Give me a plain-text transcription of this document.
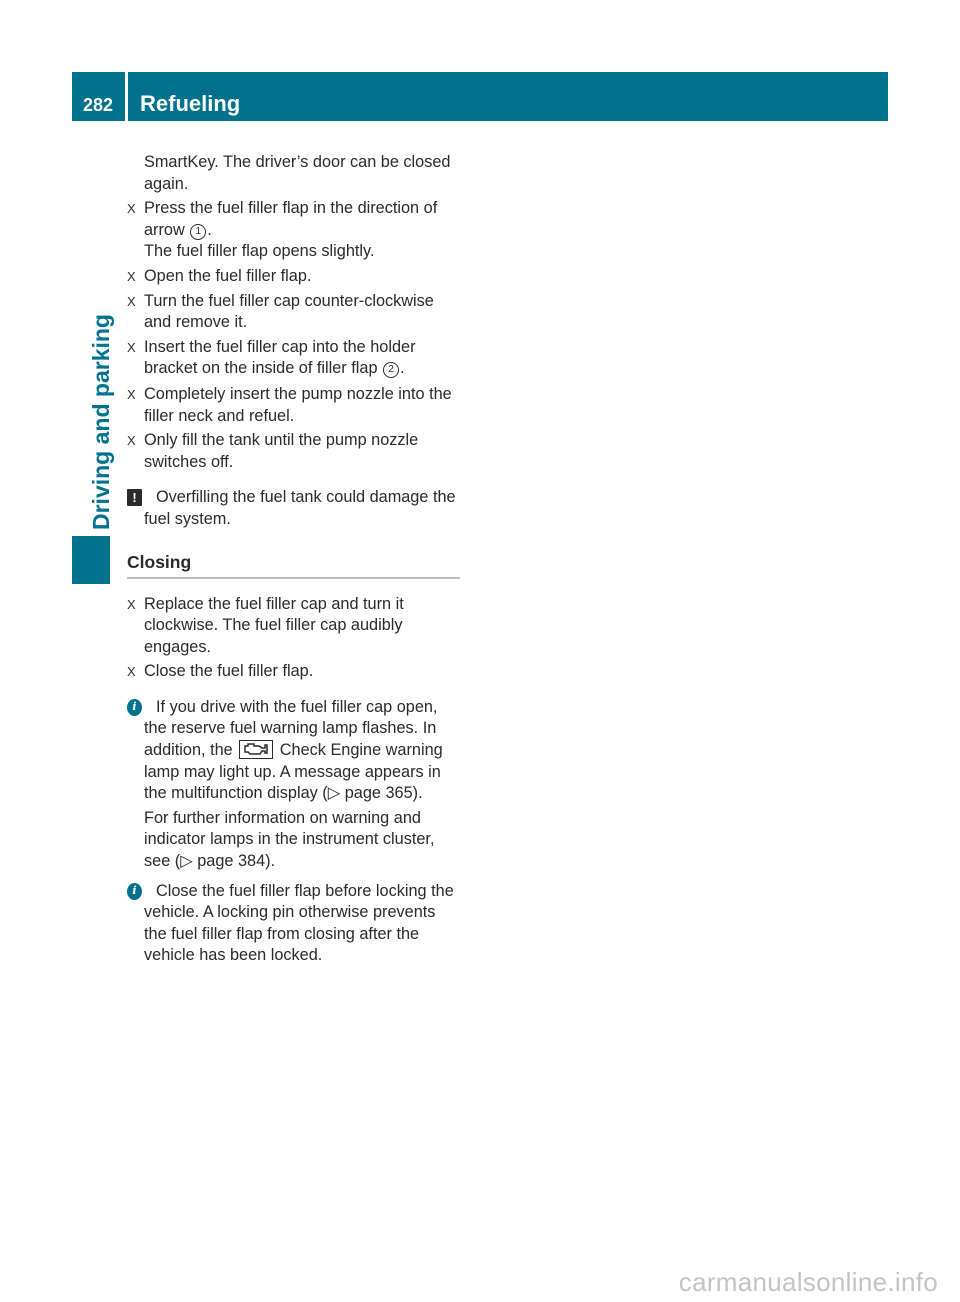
282	Refueling
Driving and parking

SmartKey. The driver’s door can be closed again.

X Press the fuel filler flap in the direction of arrow 1 .
The fuel filler flap opens slightly.
X Open the fuel filler flap.
X Turn the fuel filler cap counter-clockwise and remove it.
X Insert the fuel filler cap into the holder bracket on the inside of filler flap 2 .
X Completely insert the pump nozzle into the filler neck and refuel.
X Only fill the tank until the pump nozzle switches off.
!	Overfilling the fuel tank could damage the fuel system.
Closing
X Replace the fuel filler cap and turn it clockwise. The fuel filler cap audibly engages.
X Close the fuel filler flap.
i	If you drive with the fuel filler cap open, the reserve fuel warning lamp flashes. In addition, the
Check Engine warning lamp may light up. A message appears in the multifunction display (▷ page 365).
For further information on warning and indicator lamps in the instrument cluster, see (▷ page 384).
i	Close the fuel filler flap before locking the vehicle. A locking pin otherwise prevents the fuel filler flap from closing after the vehicle has been locked.
carmanualsonline.info
